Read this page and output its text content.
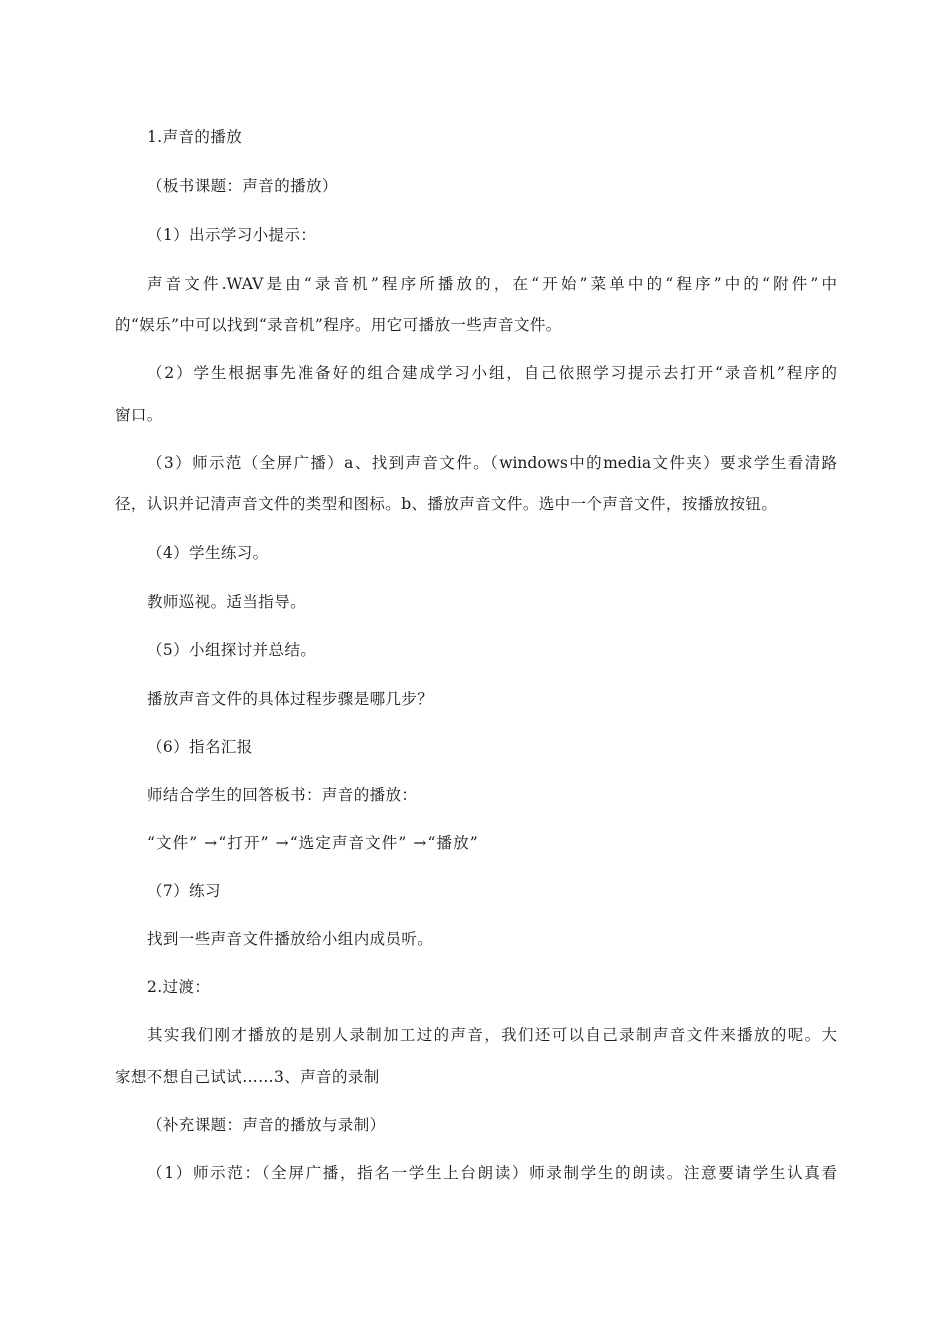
1.声音的播放
（板书课题：声音的播放）
（1）出示学习小提示：
声音文件.WAV是由“录音机”程序所播放的，在“开始”菜单中的“程序”中的“附件”中
的“娱乐”中可以找到“录音机”程序。用它可播放一些声音文件。
（2）学生根据事先准备好的组合建成学习小组，自己依照学习提示去打开“录音机”程序的
窗口。
（3）师示范（全屏广播）a、找到声音文件。（windows中的media文件夹）要求学生看清路
径，认识并记清声音文件的类型和图标。b、播放声音文件。选中一个声音文件，按播放按钮。
（4）学生练习。
教师巡视。适当指导。
（5）小组探讨并总结。
播放声音文件的具体过程步骤是哪几步？
（6）指名汇报
师结合学生的回答板书：声音的播放：
“文件” →“打开” →“选定声音文件” →“播放”
（7）练习
找到一些声音文件播放给小组内成员听。
2.过渡：
其实我们刚才播放的是别人录制加工过的声音，我们还可以自己录制声音文件来播放的呢。大
家想不想自己试试……3、声音的录制
（补充课题：声音的播放与录制）
（1）师示范：（全屏广播，指名一学生上台朗读）师录制学生的朗读。注意要请学生认真看
